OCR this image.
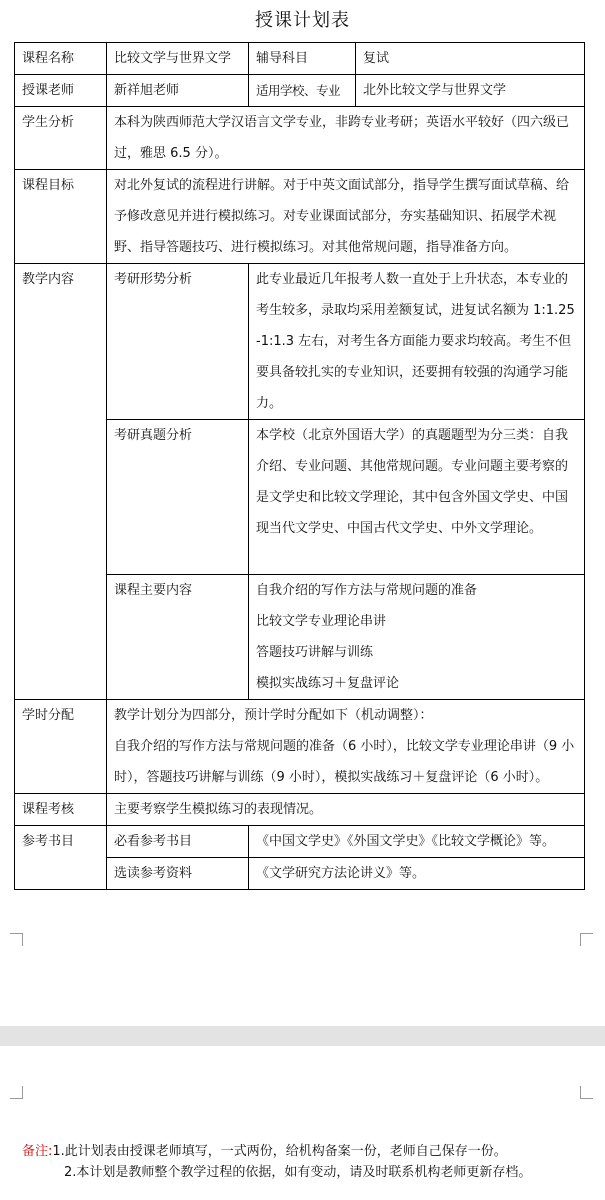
授课计划表
课程名称	比较文学与世界文学	辅导科目	复试
授课老师	新祥旭老师	适用学校、专业	北外比较文学与世界文学
学生分析	本科为陕西师范大学汉语言文学专业，非跨专业考研；英语水平较好（四六级已过，雅思 6.5 分）。		
课程目标	对北外复试的流程进行讲解。对于中英文面试部分，指导学生撰写面试草稿、给予修改意见并进行模拟练习。对专业课面试部分，夯实基础知识、拓展学术视野、指导答题技巧、进行模拟练习。对其他常规问题，指导准备方向。		
教学内容	考研形势分析	此专业最近几年报考人数一直处于上升状态，本专业的考生较多，录取均采用差额复试，进复试名额为 1:1.25-1:1.3 左右，对考生各方面能力要求均较高。考生不但要具备较扎实的专业知识，还要拥有较强的沟通学习能力。	
	考研真题分析	本学校（北京外国语大学）的真题题型为分三类：自我介绍、专业问题、其他常规问题。专业问题主要考察的是文学史和比较文学理论，其中包含外国文学史、中国现当代文学史、中国古代文学史、中外文学理论。	
	课程主要内容	自我介绍的写作方法与常规问题的准备
比较文学专业理论串讲
答题技巧讲解与训练
模拟实战练习＋复盘评论	

学时分配	教学计划分为四部分，预计学时分配如下（机动调整）：
自我介绍的写作方法与常规问题的准备（6 小时），比较文学专业理论串讲（9 小时），答题技巧讲解与训练（9 小时），模拟实战练习＋复盘评论（6 小时）。		

课程考核	主要考察学生模拟练习的表现情况。		
参考书目	必看参考书目	《中国文学史》《外国文学史》《比较文学概论》等。	
	选读参考资料	《文学研究方法论讲义》等。	
备注:1.此计划表由授课老师填写，一式两份，给机构备案一份，老师自己保存一份。
2.本计划是教师整个教学过程的依据，如有变动，请及时联系机构老师更新存档。
